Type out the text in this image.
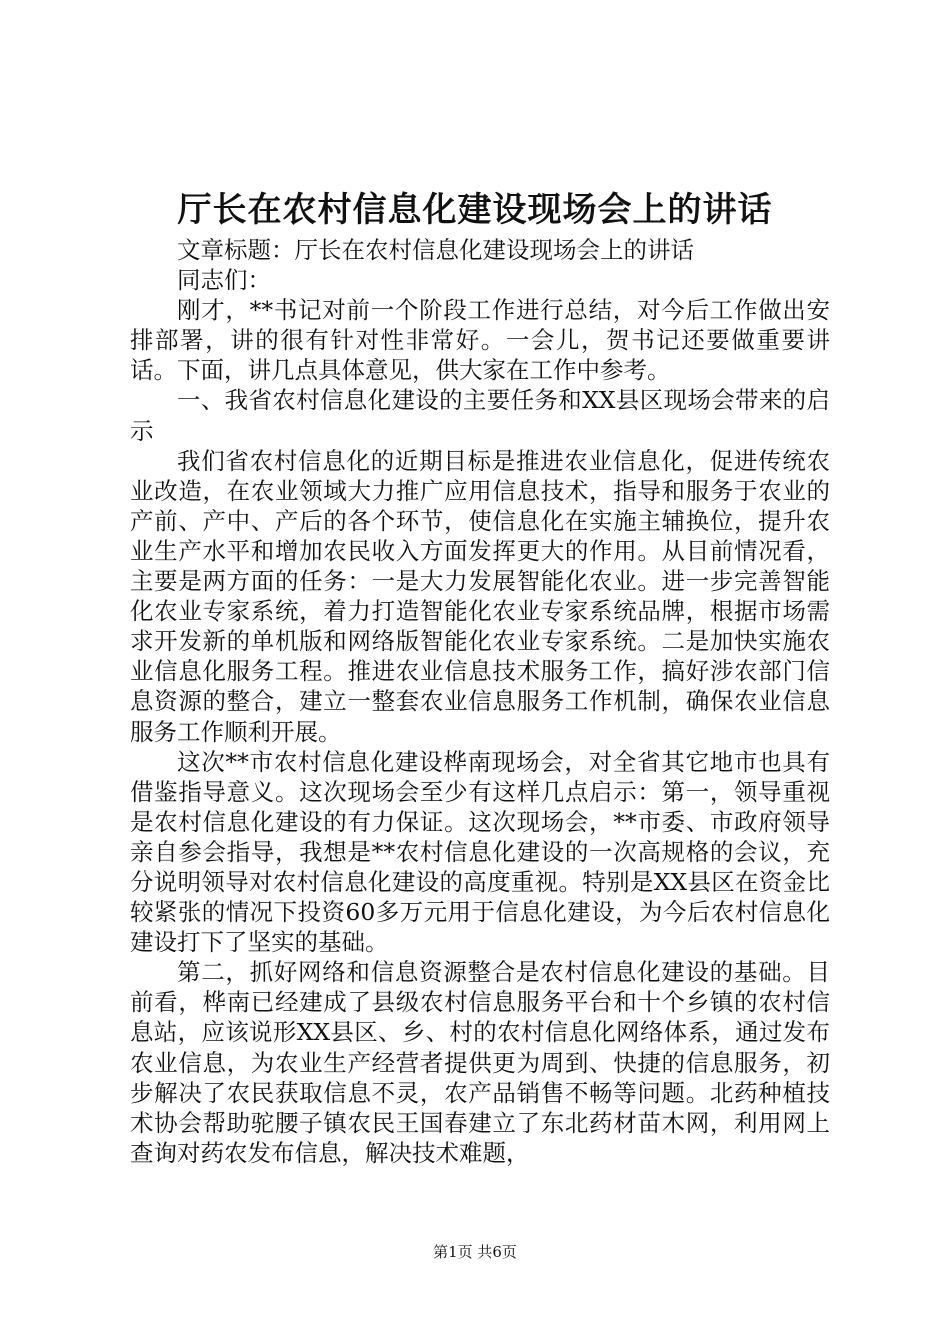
厅长在农村信息化建设现场会上的讲话

文章标题：厅长在农村信息化建设现场会上的讲话

同志们：

刚才，**书记对前一个阶段工作进行总结，对今后工作做出安排部署，讲的很有针对性非常好。一会儿，贺书记还要做重要讲话。下面，讲几点具体意见，供大家在工作中参考。

一、我省农村信息化建设的主要任务和XX县区现场会带来的启示

我们省农村信息化的近期目标是推进农业信息化，促进传统农业改造，在农业领域大力推广应用信息技术，指导和服务于农业的产前、产中、产后的各个环节，使信息化在实施主辅换位，提升农业生产水平和增加农民收入方面发挥更大的作用。从目前情况看，主要是两方面的任务：一是大力发展智能化农业。进一步完善智能化农业专家系统，着力打造智能化农业专家系统品牌，根据市场需求开发新的单机版和网络版智能化农业专家系统。二是加快实施农业信息化服务工程。推进农业信息技术服务工作，搞好涉农部门信息资源的整合，建立一整套农业信息服务工作机制，确保农业信息服务工作顺利开展。

这次**市农村信息化建设桦南现场会，对全省其它地市也具有借鉴指导意义。这次现场会至少有这样几点启示：第一，领导重视是农村信息化建设的有力保证。这次现场会，**市委、市政府领导亲自参会指导，我想是**农村信息化建设的一次高规格的会议，充分说明领导对农村信息化建设的高度重视。特别是XX县区在资金比较紧张的情况下投资60多万元用于信息化建设，为今后农村信息化建设打下了坚实的基础。

第二，抓好网络和信息资源整合是农村信息化建设的基础。目前看，桦南已经建成了县级农村信息服务平台和十个乡镇的农村信息站，应该说形XX县区、乡、村的农村信息化网络体系，通过发布农业信息，为农业生产经营者提供更为周到、快捷的信息服务，初步解决了农民获取信息不灵，农产品销售不畅等问题。北药种植技术协会帮助驼腰子镇农民王国春建立了东北药材苗木网，利用网上查询对药农发布信息，解决技术难题，

第1页 共6页
